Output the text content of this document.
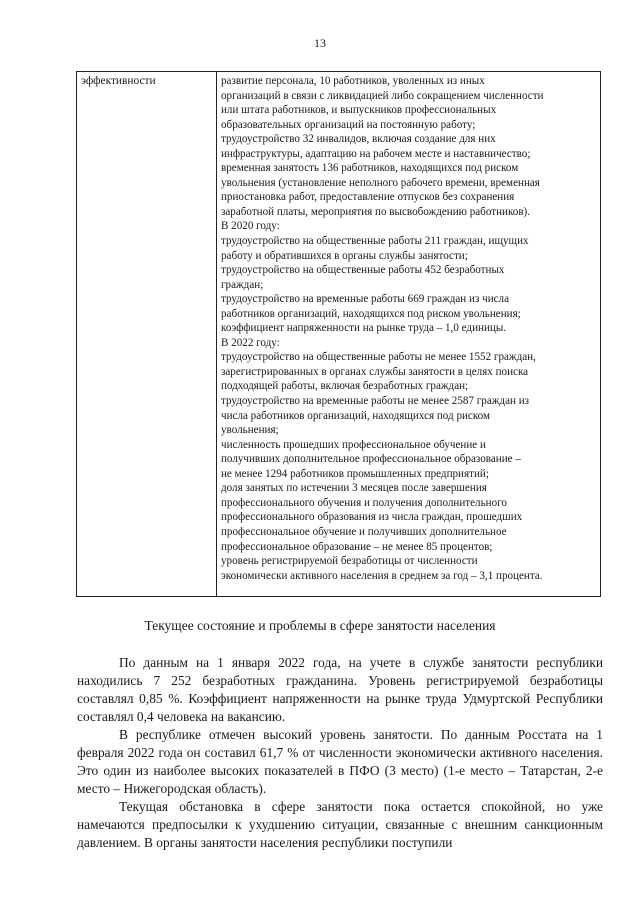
13
эффективности	развитие персонала, 10 работников, уволенных из иных
организаций в связи с ликвидацией либо сокращением численности
или штата работников, и выпускников профессиональных
образовательных организаций на постоянную работу;
трудоустройство 32 инвалидов, включая создание для них
инфраструктуры, адаптацию на рабочем месте и наставничество;
временная занятость 136 работников, находящихся под риском
увольнения (установление неполного рабочего времени, временная
приостановка работ, предоставление отпусков без сохранения
заработной платы, мероприятия по высвобождению работников).
В 2020 году:
трудоустройство на общественные работы 211 граждан, ищущих
работу и обратившихся в органы службы занятости;
трудоустройство на общественные работы 452 безработных
граждан;
трудоустройство на временные работы 669 граждан из числа
работников организаций, находящихся под риском увольнения;
коэффициент напряженности на рынке труда – 1,0 единицы.
В 2022 году:
трудоустройство на общественные работы не менее 1552 граждан,
зарегистрированных в органах службы занятости в целях поиска
подходящей работы, включая безработных граждан;
трудоустройство на временные работы не менее 2587 граждан из
числа работников организаций, находящихся под риском
увольнения;
численность прошедших профессиональное обучение и
получивших дополнительное профессиональное образование –
не менее 1294 работников промышленных предприятий;
доля занятых по истечении 3 месяцев после завершения
профессионального обучения и получения дополнительного
профессионального образования из числа граждан, прошедших
профессиональное обучение и получивших дополнительное
профессиональное образование – не менее 85 процентов;
уровень регистрируемой безработицы от численности
экономически активного населения в среднем за год – 3,1 процента.
Текущее состояние и проблемы в сфере занятости населения

По данным на 1 января 2022 года, на учете в службе занятости республики находились 7 252 безработных гражданина. Уровень регистрируемой безработицы составлял 0,85 %. Коэффициент напряженности на рынке труда Удмуртской Республики составлял 0,4 человека на вакансию.

В республике отмечен высокий уровень занятости. По данным Росстата на 1 февраля 2022 года он составил 61,7 % от численности экономически активного населения. Это один из наиболее высоких показателей в ПФО (3 место) (1-е место – Татарстан, 2-е место – Нижегородская область).

Текущая обстановка в сфере занятости пока остается спокойной, но уже намечаются предпосылки к ухудшению ситуации, связанные с внешним санкционным давлением. В органы занятости населения республики поступили
